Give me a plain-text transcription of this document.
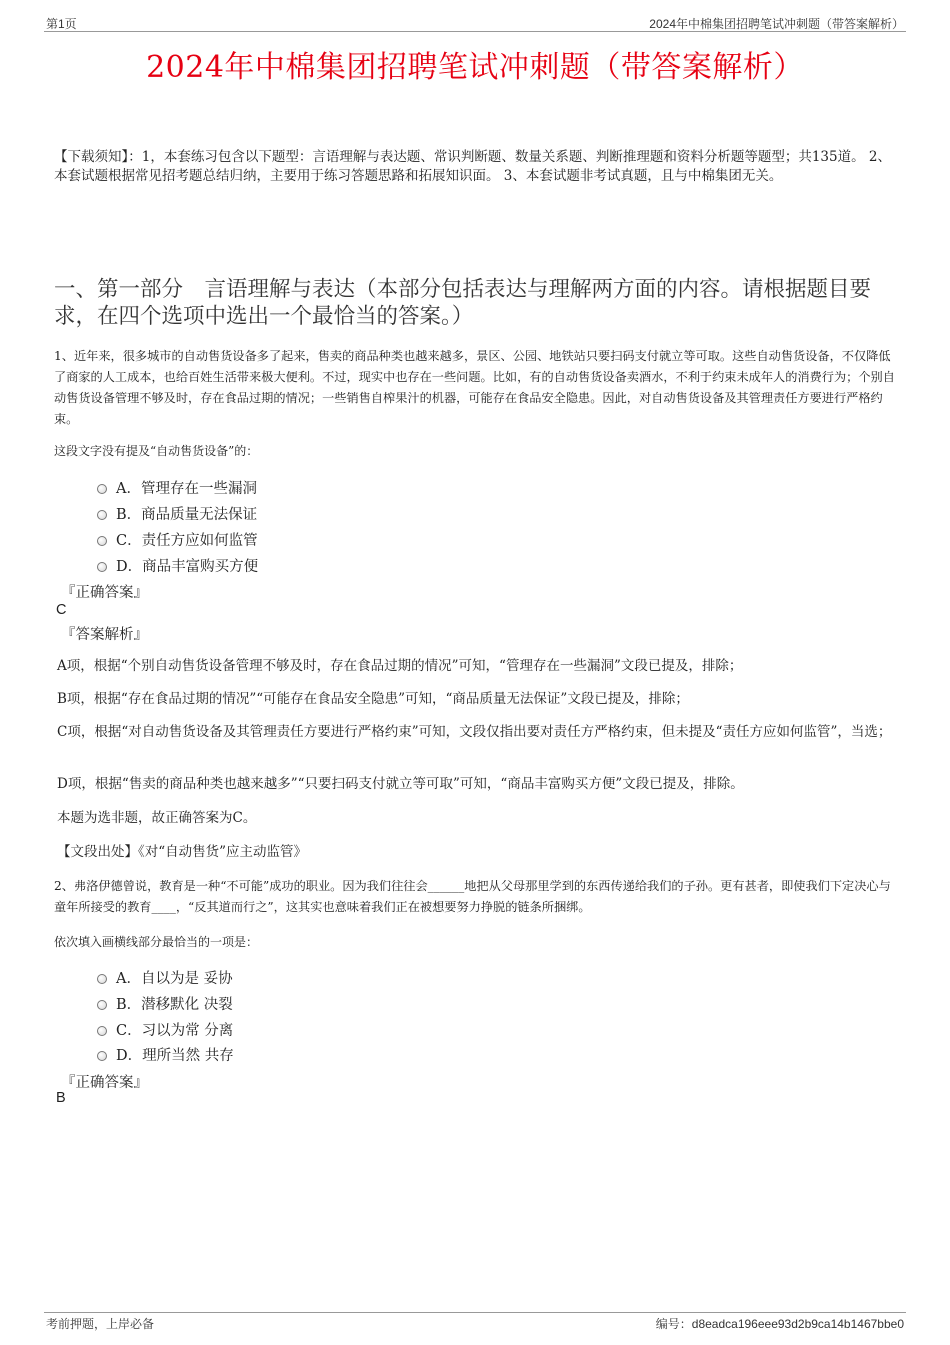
第1页	2024年中棉集团招聘笔试冲刺题（带答案解析）
2024年中棉集团招聘笔试冲刺题（带答案解析）
【下载须知】：1，本套练习包含以下题型：言语理解与表达题、常识判断题、数量关系题、判断推理题和资料分析题等题型；共135道。 2、本套试题根据常见招考题总结归纳，主要用于练习答题思路和拓展知识面。 3、本套试题非考试真题，且与中棉集团无关。
一、第一部分　言语理解与表达（本部分包括表达与理解两方面的内容。请根据题目要求，在四个选项中选出一个最恰当的答案。）
1、近年来，很多城市的自动售货设备多了起来，售卖的商品种类也越来越多，景区、公园、地铁站只要扫码支付就立等可取。这些自动售货设备，不仅降低了商家的人工成本，也给百姓生活带来极大便利。不过，现实中也存在一些问题。比如，有的自动售货设备卖酒水，不利于约束未成年人的消费行为；个别自动售货设备管理不够及时，存在食品过期的情况；一些销售自榨果汁的机器，可能存在食品安全隐患。因此，对自动售货设备及其管理责任方要进行严格约束。
这段文字没有提及“自动售货设备”的：
A．管理存在一些漏洞
B．商品质量无法保证
C．责任方应如何监管
D．商品丰富购买方便
『正确答案』
C
『答案解析』
A项，根据“个别自动售货设备管理不够及时，存在食品过期的情况”可知，“管理存在一些漏洞”文段已提及，排除；
B项，根据“存在食品过期的情况”“可能存在食品安全隐患”可知，“商品质量无法保证”文段已提及，排除；
C项，根据“对自动售货设备及其管理责任方要进行严格约束”可知，文段仅指出要对责任方严格约束，但未提及“责任方应如何监管”，当选；
D项，根据“售卖的商品种类也越来越多”“只要扫码支付就立等可取”可知，“商品丰富购买方便”文段已提及，排除。
本题为选非题，故正确答案为C。
【文段出处】《对“自动售货”应主动监管》
2、弗洛伊德曾说，教育是一种“不可能”成功的职业。因为我们往往会______地把从父母那里学到的东西传递给我们的子孙。更有甚者，即使我们下定决心与童年所接受的教育____，“反其道而行之”，这其实也意味着我们正在被想要努力挣脱的链条所捆绑。
依次填入画横线部分最恰当的一项是：
A．自以为是 妥协
B．潜移默化 决裂
C．习以为常 分离
D．理所当然 共存
『正确答案』
B
考前押题，上岸必备	编号：d8eadca196eee93d2b9ca14b1467bbe0
